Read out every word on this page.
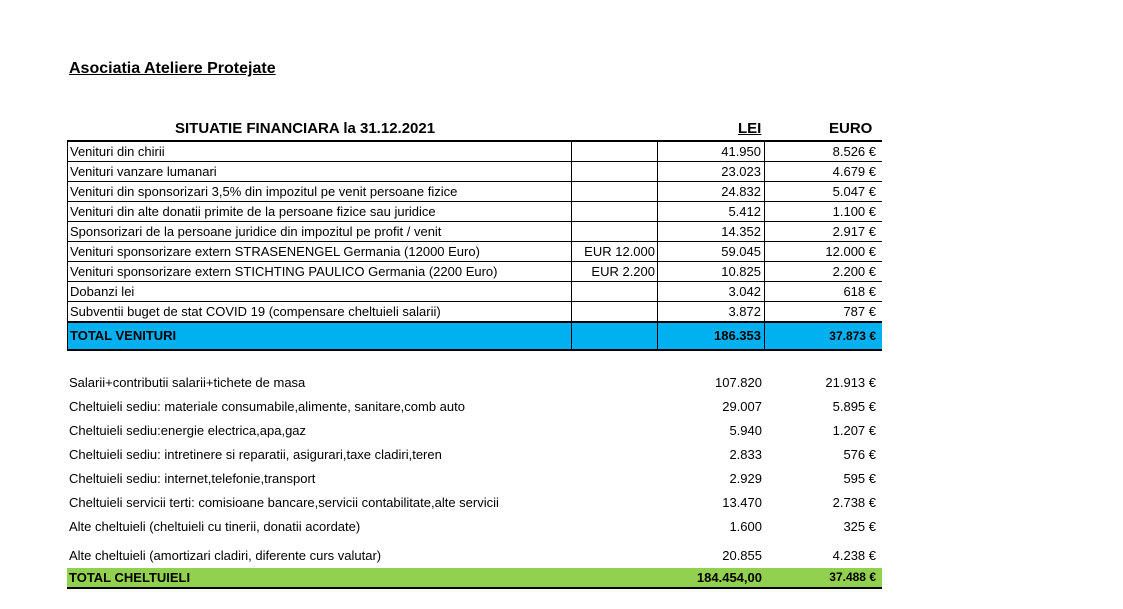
Asociatia Ateliere Protejate
SITUATIE FINANCIARA la 31.12.2021	LEI	EURO
Venituri din chirii		41.950	8.526 €
Venituri vanzare lumanari		23.023	4.679 €
Venituri din sponsorizari 3,5% din impozitul pe venit persoane fizice		24.832	5.047 €
Venituri din alte donatii primite de la persoane fizice sau juridice		5.412	1.100 €
Sponsorizari de la persoane juridice din impozitul pe profit / venit		14.352	2.917 €
Venituri sponsorizare extern STRASENENGEL Germania (12000 Euro)	EUR 12.000	59.045	12.000 €
Venituri sponsorizare extern STICHTING PAULICO Germania (2200 Euro)	EUR 2.200	10.825	2.200 €
Dobanzi lei		3.042	618 €
Subventii buget de stat COVID 19 (compensare cheltuieli salarii)		3.872	787 €
TOTAL VENITURI		186.353	37.873 €
Salarii+contributii salarii+tichete de masa	107.820	21.913 €
Cheltuieli sediu: materiale consumabile,alimente, sanitare,comb auto	29.007	5.895 €
Cheltuieli sediu:energie electrica,apa,gaz	5.940	1.207 €
Cheltuieli sediu: intretinere si reparatii, asigurari,taxe cladiri,teren	2.833	576 €
Cheltuieli sediu: internet,telefonie,transport	2.929	595 €
Cheltuieli servicii terti: comisioane bancare,servicii contabilitate,alte servicii	13.470	2.738 €
Alte cheltuieli (cheltuieli cu tinerii, donatii acordate)	1.600	325 €

Alte cheltuieli (amortizari cladiri, diferente curs valutar)	20.855	4.238 €
TOTAL CHELTUIELI	184.454,00	37.488 €
